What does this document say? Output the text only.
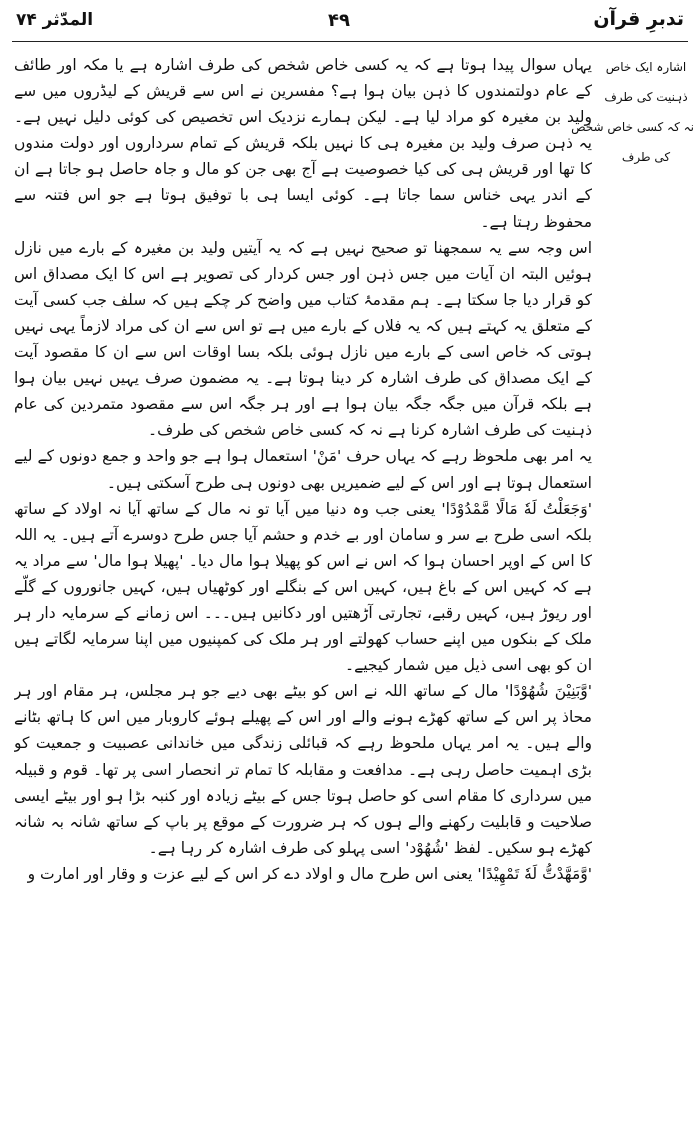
المدّثر ۷۴	۴۹	تدبرِ قرآن
اشارہ ایک خاص
ذہنیت کی طرف
نہ کہ کسی خاص شخص
کی طرف

یہاں سوال پیدا ہوتا ہے کہ یہ کسی خاص شخص کی طرف اشارہ ہے یا مکہ اور طائف کے عام دولتمندوں کا ذہن بیان ہوا ہے؟ مفسرین نے اس سے قریش کے لیڈروں میں سے ولید بن مغیرہ کو مراد لیا ہے۔ لیکن ہمارے نزدیک اس تخصیص کی کوئی دلیل نہیں ہے۔ یہ ذہن صرف ولید بن مغیرہ ہی کا نہیں بلکہ قریش کے تمام سرداروں اور دولت مندوں کا تھا اور قریش ہی کی کیا خصوصیت ہے آج بھی جن کو مال و جاہ حاصل ہو جاتا ہے ان کے اندر یہی خناس سما جاتا ہے۔ کوئی ایسا ہی با توفیق ہوتا ہے جو اس فتنہ سے محفوظ رہتا ہے۔

اس وجہ سے یہ سمجھنا تو صحیح نہیں ہے کہ یہ آیتیں ولید بن مغیرہ کے بارے میں نازل ہوئیں البتہ ان آیات میں جس ذہن اور جس کردار کی تصویر ہے اس کا ایک مصداق اس کو قرار دیا جا سکتا ہے۔ ہم مقدمۂ کتاب میں واضح کر چکے ہیں کہ سلف جب کسی آیت کے متعلق یہ کہتے ہیں کہ یہ فلاں کے بارے میں ہے تو اس سے ان کی مراد لازماً یہی نہیں ہوتی کہ خاص اسی کے بارے میں نازل ہوئی بلکہ بسا اوقات اس سے ان کا مقصود آیت کے ایک مصداق کی طرف اشارہ کر دینا ہوتا ہے۔ یہ مضمون صرف یہیں نہیں بیان ہوا ہے بلکہ قرآن میں جگہ جگہ بیان ہوا ہے اور ہر جگہ اس سے مقصود متمردین کی عام ذہنیت کی طرف اشارہ کرنا ہے نہ کہ کسی خاص شخص کی طرف۔

یہ امر بھی ملحوظ رہے کہ یہاں حرف 'مَنْ' استعمال ہوا ہے جو واحد و جمع دونوں کے لیے استعمال ہوتا ہے اور اس کے لیے ضمیریں بھی دونوں ہی طرح آسکتی ہیں۔

'وَجَعَلْتُ لَهٗ مَالًا مَّمْدُوْدًا' یعنی جب وہ دنیا میں آیا تو نہ مال کے ساتھ آیا نہ اولاد کے ساتھ بلکہ اسی طرح بے سر و سامان اور بے خدم و حشم آیا جس طرح دوسرے آتے ہیں۔ یہ اللہ کا اس کے اوپر احسان ہوا کہ اس نے اس کو پھیلا ہوا مال دیا۔ 'پھیلا ہوا مال' سے مراد یہ ہے کہ کہیں اس کے باغ ہیں، کہیں اس کے بنگلے اور کوٹھیاں ہیں، کہیں جانوروں کے گلّے اور ریوڑ ہیں، کہیں رقبے، تجارتی آڑھتیں اور دکانیں ہیں۔۔۔ اس زمانے کے سرمایہ دار ہر ملک کے بنکوں میں اپنے حساب کھولتے اور ہر ملک کی کمپنیوں میں اپنا سرمایہ لگاتے ہیں ان کو بھی اسی ذیل میں شمار کیجیے۔

'وَّبَنِیْنَ شُهُوْدًا' مال کے ساتھ اللہ نے اس کو بیٹے بھی دیے جو ہر مجلس، ہر مقام اور ہر محاذ پر اس کے ساتھ کھڑے ہونے والے اور اس کے پھیلے ہوئے کاروبار میں اس کا ہاتھ بٹانے والے ہیں۔ یہ امر یہاں ملحوظ رہے کہ قبائلی زندگی میں خاندانی عصبیت و جمعیت کو بڑی اہمیت حاصل رہی ہے۔ مدافعت و مقابلہ کا تمام تر انحصار اسی پر تھا۔ قوم و قبیلہ میں سرداری کا مقام اسی کو حاصل ہوتا جس کے بیٹے زیادہ اور کنبہ بڑا ہو اور بیٹے ایسی صلاحیت و قابلیت رکھنے والے ہوں کہ ہر ضرورت کے موقع پر باپ کے ساتھ شانہ بہ شانہ کھڑے ہو سکیں۔ لفظ 'شُهُوْد' اسی پہلو کی طرف اشارہ کر رہا ہے۔

'وَّمَهَّدْتُّ لَهٗ تَمْهِیْدًا' یعنی اس طرح مال و اولاد دے کر اس کے لیے عزت و وقار اور امارت و
